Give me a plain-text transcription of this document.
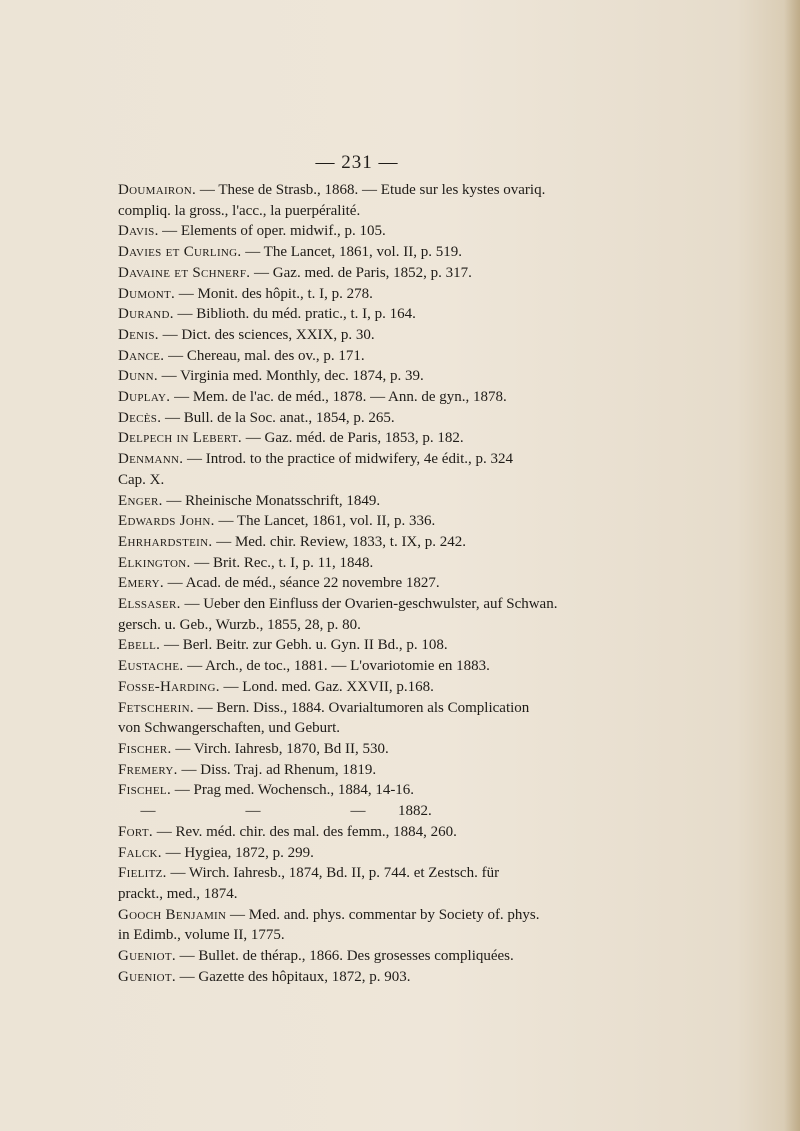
— 231 —
Doumairon. — These de Strasb., 1868. — Etude sur les kystes ovariq.
compliq. la gross., l'acc., la puerpéralité.
Davis. — Elements of oper. midwif., p. 105.
Davies et Curling. — The Lancet, 1861, vol. II, p. 519.
Davaine et Schnerf. — Gaz. med. de Paris, 1852, p. 317.
Dumont. — Monit. des hôpit., t. I, p. 278.
Durand. — Biblioth. du méd. pratic., t. I, p. 164.
Denis. — Dict. des sciences, XXIX, p. 30.
Dance. — Chereau, mal. des ov., p. 171.
Dunn. — Virginia med. Monthly, dec. 1874, p. 39.
Duplay. — Mem. de l'ac. de méd., 1878. — Ann. de gyn., 1878.
Decès. — Bull. de la Soc. anat., 1854, p. 265.
Delpech in Lebert. — Gaz. méd. de Paris, 1853, p. 182.
Denmann. — Introd. to the practice of midwifery, 4e édit., p. 324
Cap. X.
Enger. — Rheinische Monatsschrift, 1849.
Edwards John. — The Lancet, 1861, vol. II, p. 336.
Ehrhardstein. — Med. chir. Review, 1833, t. IX, p. 242.
Elkington. — Brit. Rec., t. I, p. 11, 1848.
Emery. — Acad. de méd., séance 22 novembre 1827.
Elssaser. — Ueber den Einfluss der Ovarien-geschwulster, auf Schwan.
gersch. u. Geb., Wurzb., 1855, 28, p. 80.
Ebell. — Berl. Beitr. zur Gebh. u. Gyn. II Bd., p. 108.
Eustache. — Arch., de toc., 1881. — L'ovariotomie en 1883.
Fosse-Harding. — Lond. med. Gaz. XXVII, p.168.
Fetscherin. — Bern. Diss., 1884. Ovarialtumoren als Complication
von Schwangerschaften, und Geburt.
Fischer. — Virch. Iahresb, 1870, Bd II, 530.
Fremery. — Diss. Traj. ad Rhenum, 1819.
Fischel. — Prag med. Wochensch., 1884, 14-16.
—	—	— 1882.
Fort. — Rev. méd. chir. des mal. des femm., 1884, 260.
Falck. — Hygiea, 1872, p. 299.
Fielitz. — Wirch. Iahresb., 1874, Bd. II, p. 744. et Zestsch. für
prackt., med., 1874.
Gooch Benjamin — Med. and. phys. commentar by Society of. phys.
in Edimb., volume II, 1775.
Gueniot. — Bullet. de thérap., 1866. Des grosesses compliquées.
Gueniot. — Gazette des hôpitaux, 1872, p. 903.
